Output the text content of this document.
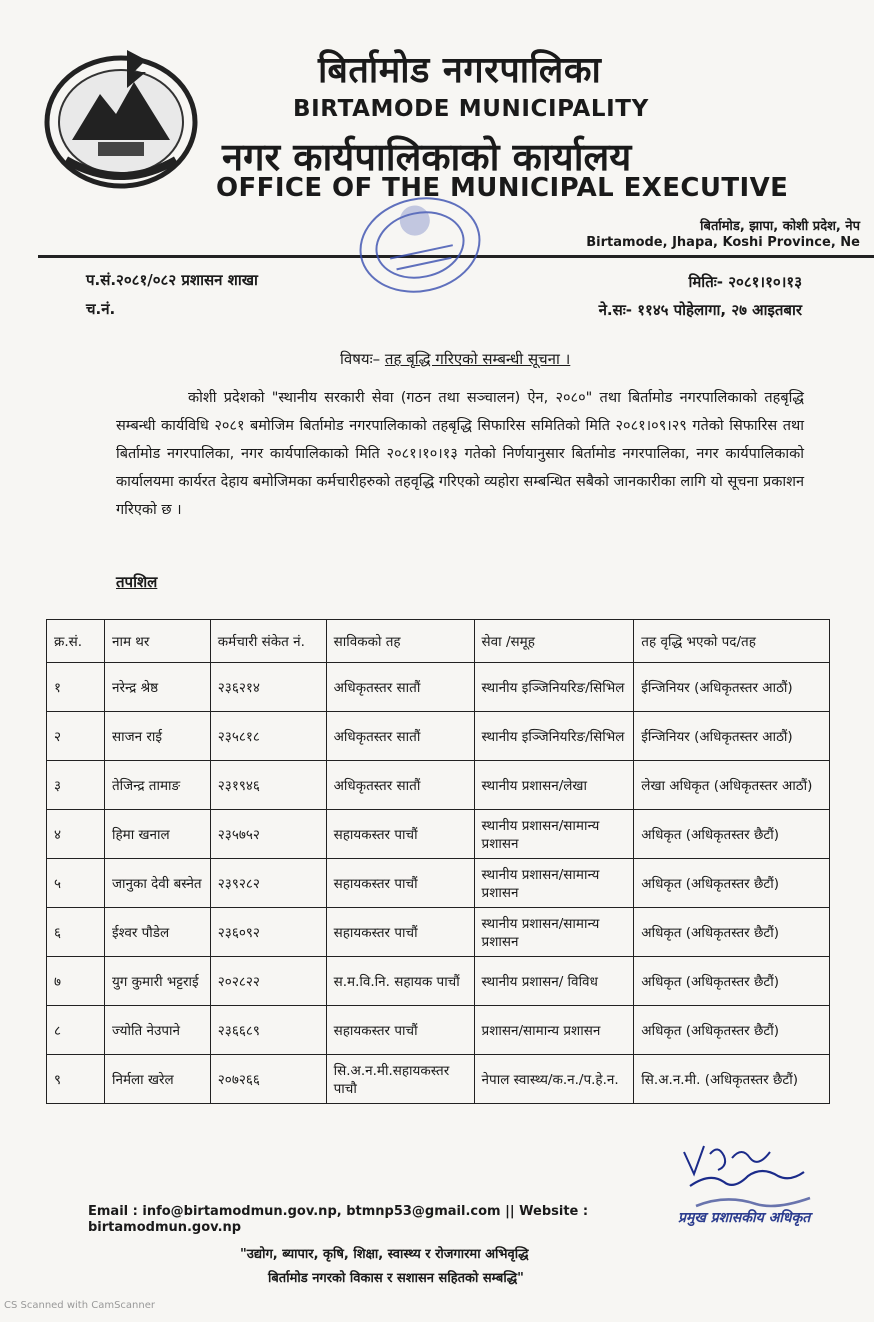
बिर्तामोड नगरपालिका
BIRTAMODE MUNICIPALITY
नगर कार्यपालिकाको कार्यालय
OFFICE OF THE MUNICIPAL EXECUTIVE
बिर्तामोड, झापा, कोशी प्रदेश, नेप
Birtamode, Jhapa, Koshi Province, Ne
प.सं.२०८१/०८२ प्रशासन शाखा
च.नं.
मितिः- २०८१।१०।१३
ने.सः- ११४५ पोहेलागा, २७ आइतबार
विषयः– तह बृद्धि गरिएको सम्बन्धी सूचना ।
कोशी प्रदेशको "स्थानीय सरकारी सेवा (गठन तथा सञ्चालन) ऐन, २०८०" तथा बिर्तामोड नगरपालिकाको तहबृद्धि सम्बन्धी कार्यविधि २०८१ बमोजिम बिर्तामोड नगरपालिकाको तहबृद्धि सिफारिस समितिको मिति २०८१।०९।२९ गतेको सिफारिस तथा बिर्तामोड नगरपालिका, नगर कार्यपालिकाको मिति २०८१।१०।१३ गतेको निर्णयानुसार बिर्तामोड नगरपालिका, नगर कार्यपालिकाको कार्यालयमा कार्यरत देहाय बमोजिमका कर्मचारीहरुको तहवृद्धि गरिएको व्यहोरा सम्बन्धित सबैको जानकारीका लागि यो सूचना प्रकाशन गरिएको छ ।
तपशिल
क्र.सं.	नाम थर	कर्मचारी संकेत नं.	साविकको तह	सेवा /समूह	तह वृद्धि भएको पद/तह
१	नरेन्द्र श्रेष्ठ	२३६२१४	अधिकृतस्तर सातौं	स्थानीय इञ्जिनियरिङ/सिभिल	ईन्जिनियर (अधिकृतस्तर आठौं)
२	साजन राई	२३५८१८	अधिकृतस्तर सातौं	स्थानीय इञ्जिनियरिङ/सिभिल	ईन्जिनियर (अधिकृतस्तर आठौं)
३	तेजिन्द्र तामाङ	२३१९४६	अधिकृतस्तर सातौं	स्थानीय प्रशासन/लेखा	लेखा अधिकृत (अधिकृतस्तर आठौं)
४	हिमा खनाल	२३५७५२	सहायकस्तर पाचौं	स्थानीय प्रशासन/सामान्य प्रशासन	अधिकृत (अधिकृतस्तर छैटौं)
५	जानुका देवी बस्नेत	२३९२८२	सहायकस्तर पाचौं	स्थानीय प्रशासन/सामान्य प्रशासन	अधिकृत (अधिकृतस्तर छैटौं)
६	ईश्वर पौडेल	२३६०९२	सहायकस्तर पाचौं	स्थानीय प्रशासन/सामान्य प्रशासन	अधिकृत (अधिकृतस्तर छैटौं)
७	युग कुमारी भट्टराई	२०२८२२	स.म.वि.नि. सहायक पाचौं	स्थानीय प्रशासन/ विविध	अधिकृत (अधिकृतस्तर छैटौं)
८	ज्योति नेउपाने	२३६६८९	सहायकस्तर पाचौं	प्रशासन/सामान्य प्रशासन	अधिकृत (अधिकृतस्तर छैटौं)
९	निर्मला खरेल	२०७२६६	सि.अ.न.मी.सहायकस्तर पाचौ	नेपाल स्वास्थ्य/क.न./प.हे.न.	सि.अ.न.मी. (अधिकृतस्तर छैटौं)
प्रमुख प्रशासकीय अधिकृत
Email : info@birtamodmun.gov.np, btmnp53@gmail.com || Website :
birtamodmun.gov.np
"उद्योग, ब्यापार, कृषि, शिक्षा, स्वास्थ्य र रोजगारमा अभिवृद्धि
बिर्तामोड नगरको विकास र सशासन सहितको सम्बद्धि"
CS Scanned with CamScanner
